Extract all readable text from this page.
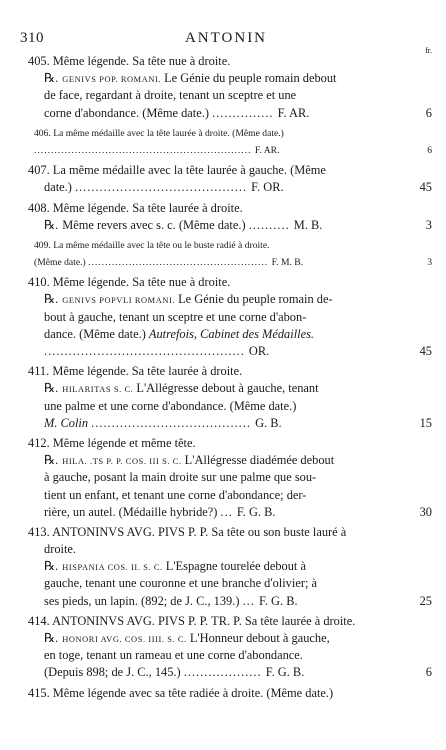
310	ANTONIN
fr.
405. Même légende. Sa tête nue à droite.
℞. GENIVS POP. ROMANI. Le Génie du peuple romain debout
de face, regardant à droite, tenant un sceptre et une
corne d'abondance. (Même date.) ............... F. AR.	6
406. La même médaille avec la tête laurée à droite. (Même date.)
................................................................ F. AR.	6
407. La même médaille avec la tête laurée à gauche. (Même
date.) .......................................... F. OR.	45
408. Même légende. Sa tête laurée à droite.
℞. Même revers avec s. c. (Même date.) .......... M. B.	3
409. La même médaille avec la tête ou le buste radié à droite.
(Même date.) ..................................................... F. M. B.	3
410. Même légende. Sa tête nue à droite.
℞. GENIVS POPVLI ROMANI. Le Génie du peuple romain de-
bout à gauche, tenant un sceptre et une corne d'abon-
dance. (Même date.) Autrefois, Cabinet des Médailles.
................................................. OR.	45
411. Même légende. Sa tête laurée à droite.
℞. HILARITAS S. C. L'Allégresse debout à gauche, tenant
une palme et une corne d'abondance. (Même date.)
M. Colin ....................................... G. B.	15
412. Même légende et même tête.
℞. HILA. .TS P. P. COS. III S. C. L'Allégresse diadémée debout
à gauche, posant la main droite sur une palme que sou-
tient un enfant, et tenant une corne d'abondance; der-
rière, un autel. (Médaille hybride?) ... F. G. B.	30
413. ANTONINVS AVG. PIVS P. P. Sa tête ou son buste lauré à
droite.
℞. HISPANIA COS. II. S. C. L'Espagne tourelée debout à
gauche, tenant une couronne et une branche d'olivier; à
ses pieds, un lapin. (892; de J. C., 139.) ... F. G. B.	25
414. ANTONINVS AVG. PIVS P. P. TR. P. Sa tête laurée à droite.
℞. HONORI AVG. COS. IIII. S. C. L'Honneur debout à gauche,
en toge, tenant un rameau et une corne d'abondance.
(Depuis 898; de J. C., 145.) ................... F. G. B.	6
415. Même légende avec sa tête radiée à droite. (Même date.)
